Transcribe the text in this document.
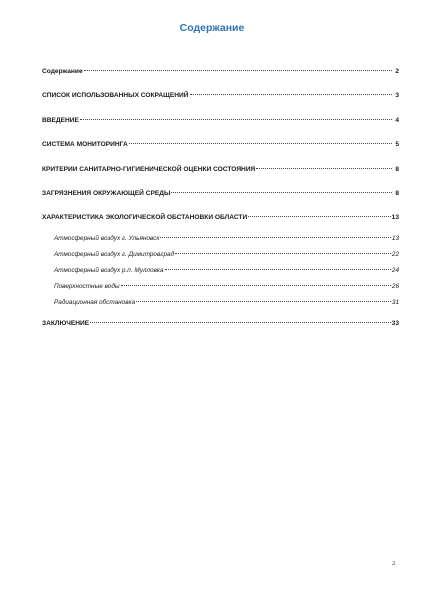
Содержание
Содержание	2
СПИСОК ИСПОЛЬЗОВАННЫХ СОКРАЩЕНИЙ	3
ВВЕДЕНИЕ	4
СИСТЕМА МОНИТОРИНГА	5
КРИТЕРИИ САНИТАРНО-ГИГИЕНИЧЕСКОЙ ОЦЕНКИ СОСТОЯНИЯ	8
ЗАГРЯЗНЕНИЯ ОКРУЖАЮЩЕЙ СРЕДЫ	8
ХАРАКТЕРИСТИКА ЭКОЛОГИЧЕСКОЙ ОБСТАНОВКИ ОБЛАСТИ	13
Атмосферный воздух г. Ульяновск	13
Атмосферный воздух г. Димитровград	22
Атмосферный воздух р.п. Мулловка	24
Поверхностные воды	26
Радиационная обстановка	31
ЗАКЛЮЧЕНИЕ	33
2
